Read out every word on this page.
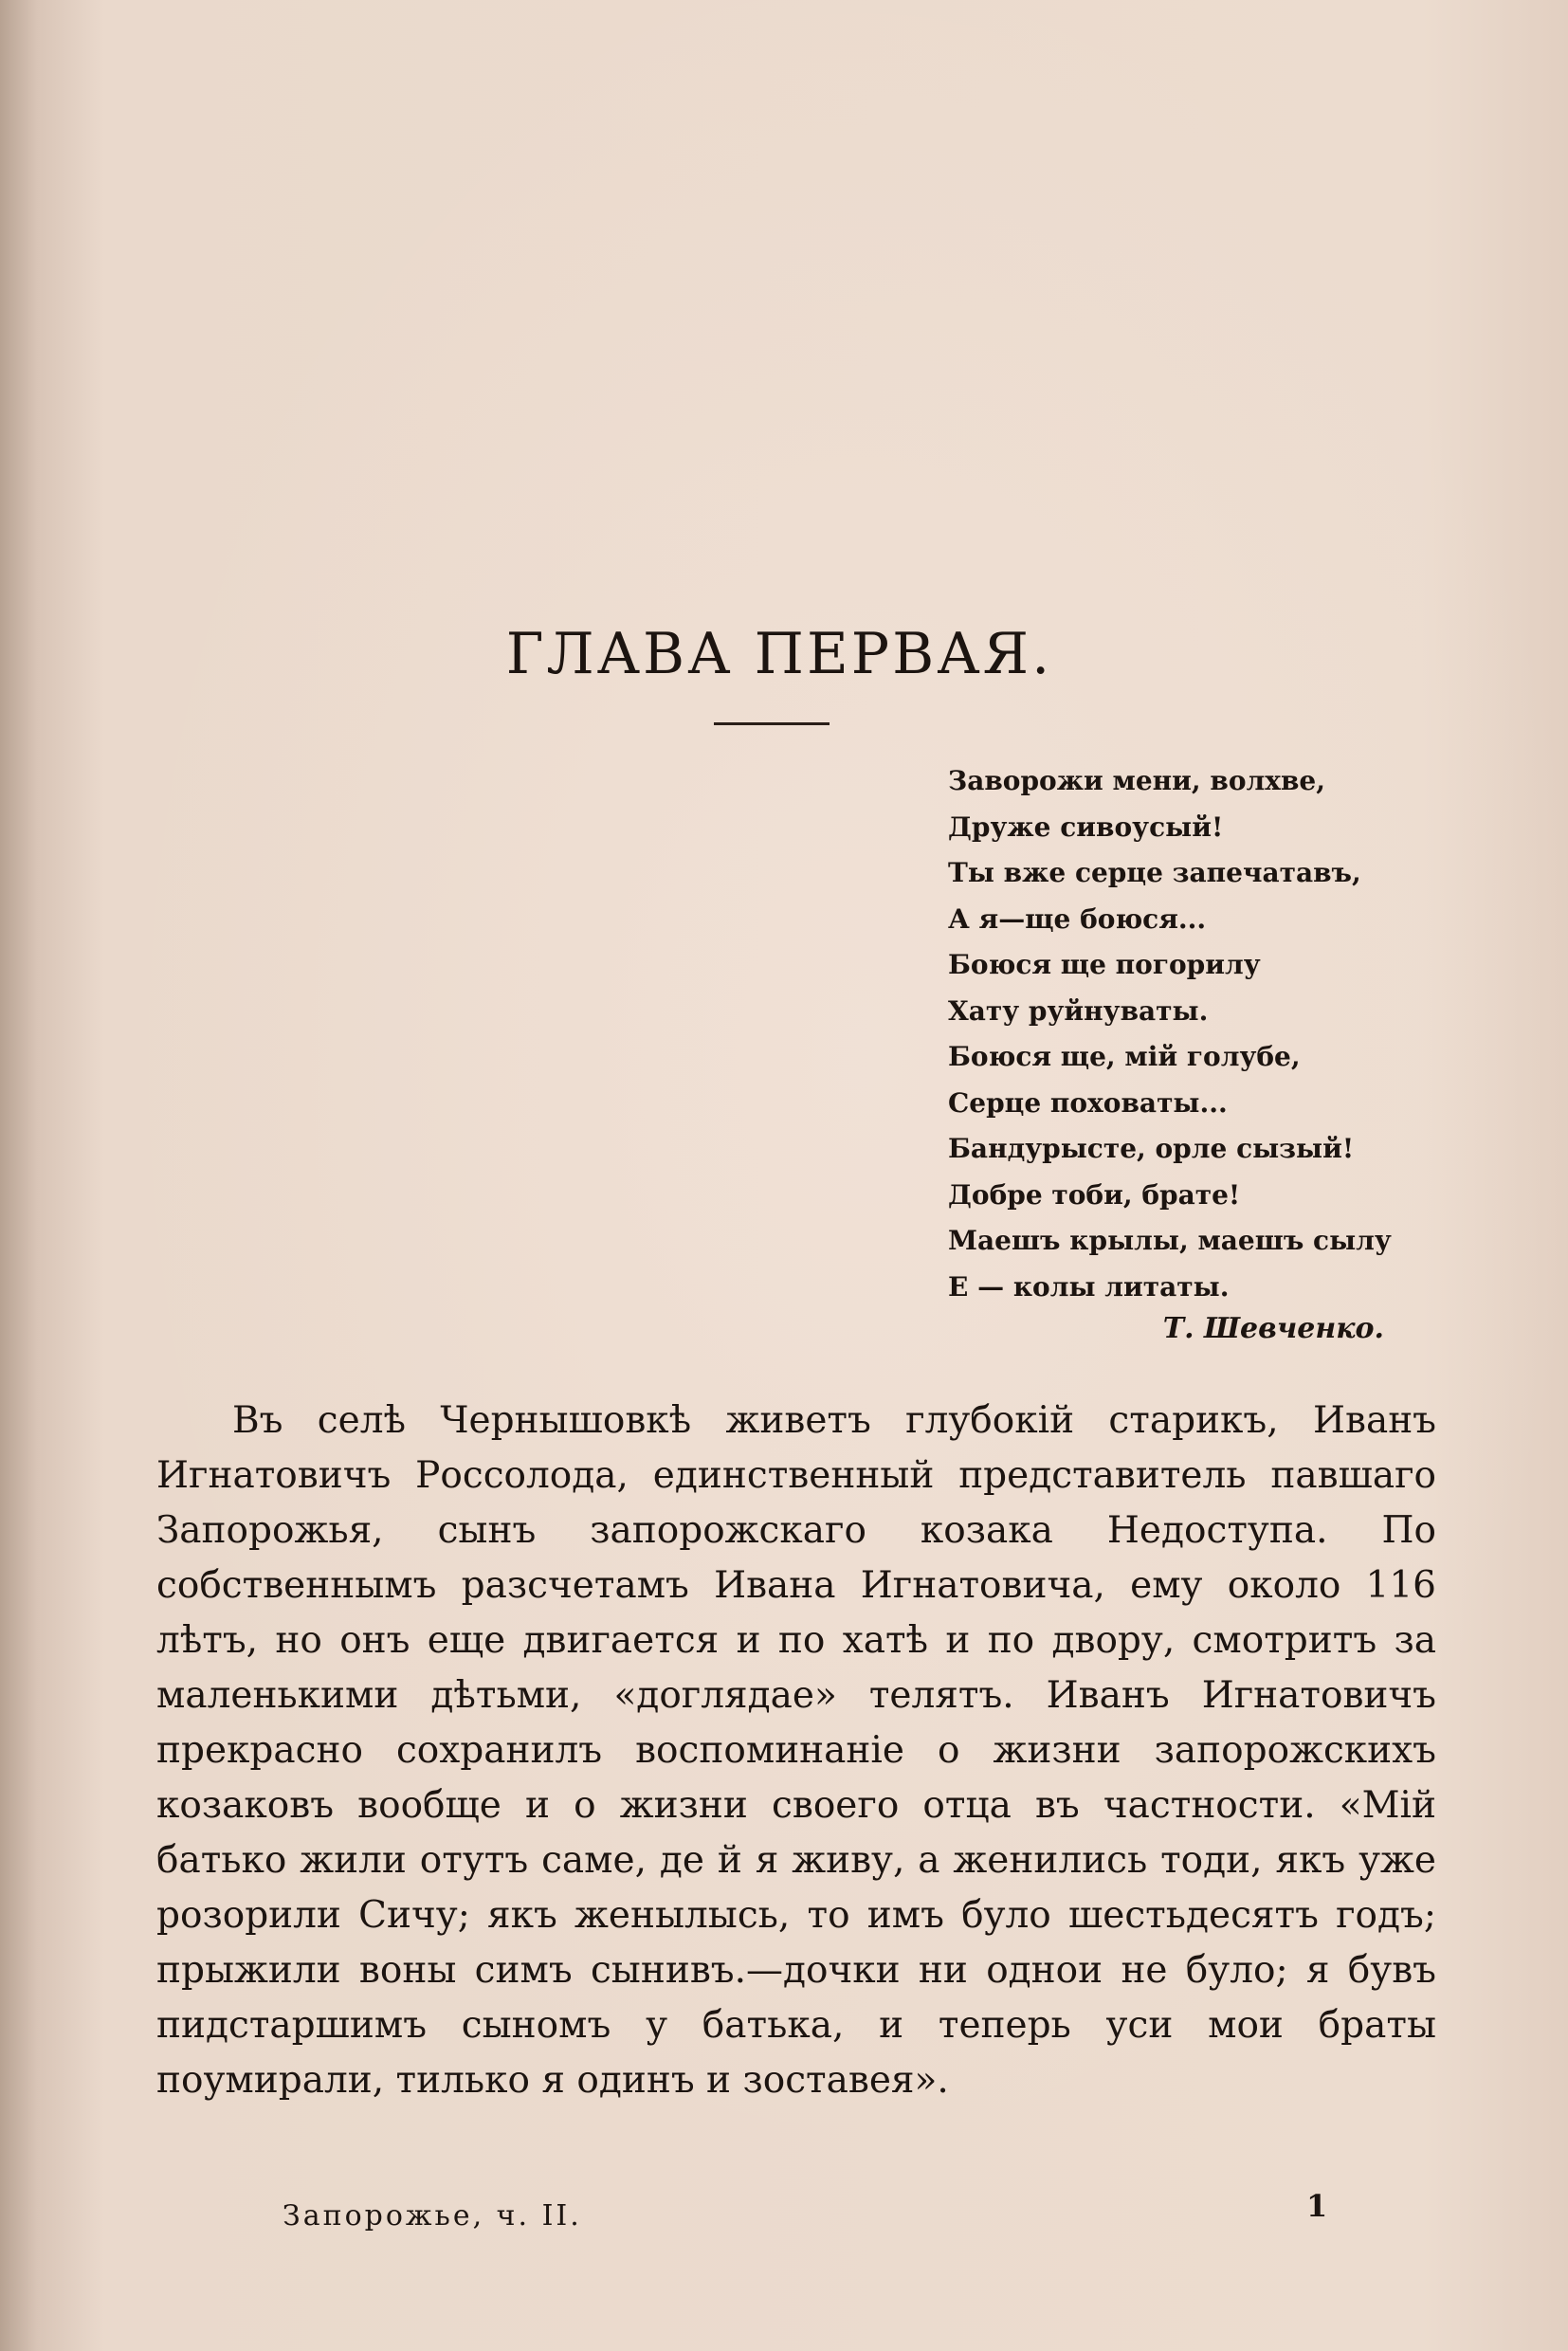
ГЛАВА ПЕРВАЯ.
Заворожи мени, волхве,
Друже сивоусый!
Ты вже серце запечатавъ,
А я—ще боюся...
Боюся ще погорилу
Хату руйнуваты.
Боюся ще, мій голубе,
Серце поховаты...
Бандурысте, орле сызый!
Добре тоби, брате!
Маешъ крылы, маешъ сылу
Е — колы литаты.
Т. Шевченко.

Въ селѣ Чернышовкѣ живетъ глубокій старикъ, Иванъ Игнатовичъ Россолода, единственный представитель павшаго Запорожья, сынъ запорожскаго козака Недоступа. По собственнымъ разсчетамъ Ивана Игнатовича, ему около 116 лѣтъ, но онъ еще двигается и по хатѣ и по двору, смотритъ за маленькими дѣтьми, «доглядае» телятъ. Иванъ Игнатовичъ прекрасно сохранилъ воспоминаніе о жизни запорожскихъ козаковъ вообще и о жизни своего отца въ частности. «Мій батько жили отутъ саме, де й я живу, а женились тоди, якъ уже розорили Сичу; якъ женылысь, то имъ було шестьдесятъ годъ; прыжили воны симъ сынивъ.—дочки ни однои не було; я бувъ пидстаршимъ сыномъ у батька, и теперь уси мои браты поумирали, тилько я одинъ и зоставея».

Запорожье, ч. II.	1
